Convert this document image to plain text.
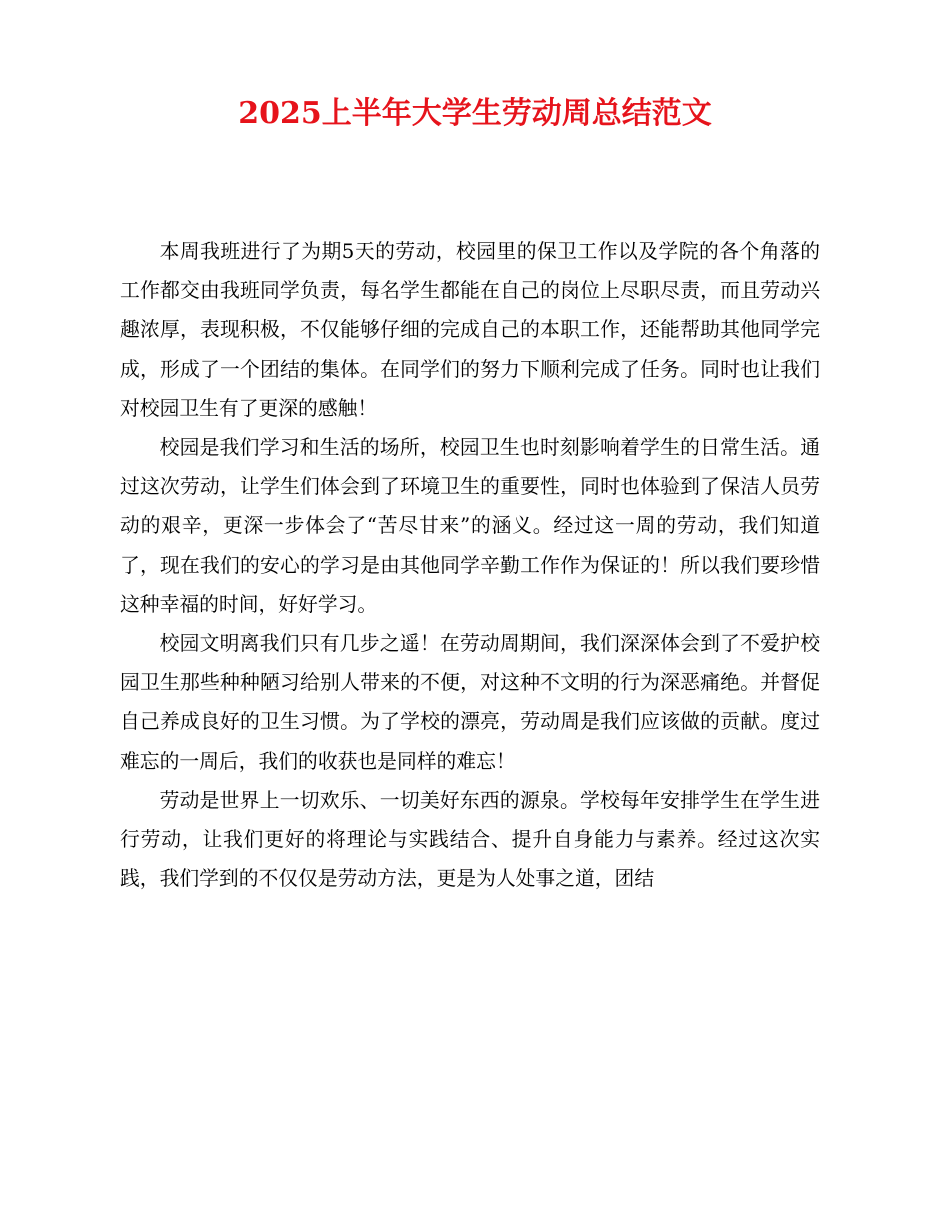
2025上半年大学生劳动周总结范文

本周我班进行了为期5天的劳动，校园里的保卫工作以及学院的各个角落的工作都交由我班同学负责，每名学生都能在自己的岗位上尽职尽责，而且劳动兴趣浓厚，表现积极，不仅能够仔细的完成自己的本职工作，还能帮助其他同学完成，形成了一个团结的集体。在同学们的努力下顺利完成了任务。同时也让我们对校园卫生有了更深的感触！

校园是我们学习和生活的场所，校园卫生也时刻影响着学生的日常生活。通过这次劳动，让学生们体会到了环境卫生的重要性，同时也体验到了保洁人员劳动的艰辛，更深一步体会了“苦尽甘来”的涵义。经过这一周的劳动，我们知道了，现在我们的安心的学习是由其他同学辛勤工作作为保证的！所以我们要珍惜这种幸福的时间，好好学习。

校园文明离我们只有几步之遥！在劳动周期间，我们深深体会到了不爱护校园卫生那些种种陋习给别人带来的不便，对这种不文明的行为深恶痛绝。并督促自己养成良好的卫生习惯。为了学校的漂亮，劳动周是我们应该做的贡献。度过难忘的一周后，我们的收获也是同样的难忘！

劳动是世界上一切欢乐、一切美好东西的源泉。学校每年安排学生在学生进行劳动，让我们更好的将理论与实践结合、提升自身能力与素养。经过这次实践，我们学到的不仅仅是劳动方法，更是为人处事之道，团结
